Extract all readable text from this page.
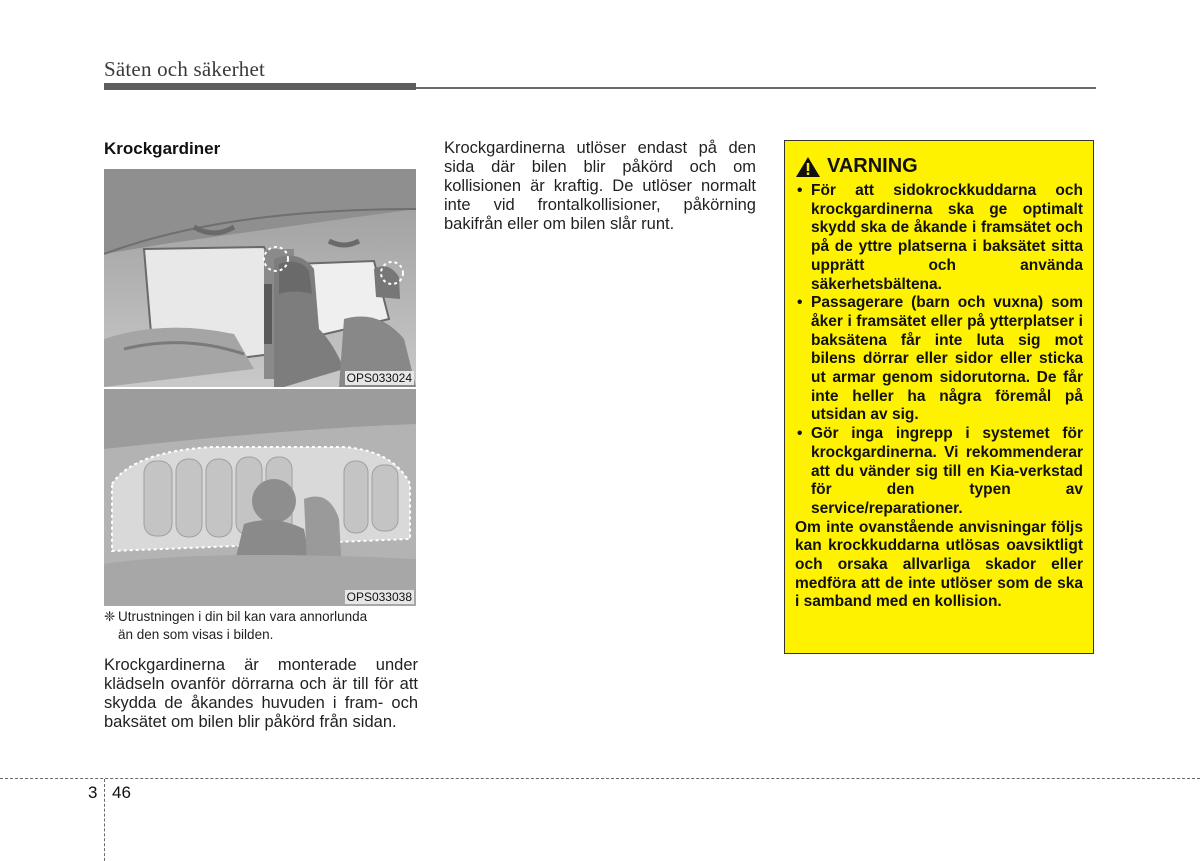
Säten och säkerhet
Krockgardiner
OPS033024
OPS033038
❈ Utrustningen i din bil kan vara annorlunda
än den som visas i bilden.
Krockgardinerna är monterade under klädseln ovanför dörrarna och är till för att skydda de åkandes huvuden i fram- och baksätet om bilen blir påkörd från sidan.
Krockgardinerna utlöser endast på den sida där bilen blir påkörd och om kollisionen är kraftig. De utlöser normalt inte vid frontalkollisioner, påkörning bakifrån eller om bilen slår runt.
VARNING
• För att sidokrockkuddarna och krockgardinerna ska ge optimalt skydd ska de åkande i framsätet och på de yttre platserna i baksätet sitta upprätt och använda säkerhetsbältena.
• Passagerare (barn och vuxna) som åker i framsätet eller på ytterplatser i baksätena får inte luta sig mot bilens dörrar eller sidor eller sticka ut armar genom sidorutorna. De får inte heller ha några föremål på utsidan av sig.
• Gör inga ingrepp i systemet för krockgardinerna. Vi rekommenderar att du vänder sig till en Kia-verkstad för den typen av service/reparationer.
Om inte ovanstående anvisningar följs kan krockkuddarna utlösas oavsiktligt och orsaka allvarliga skador eller medföra att de inte utlöser som de ska i samband med en kollision.
3 46
